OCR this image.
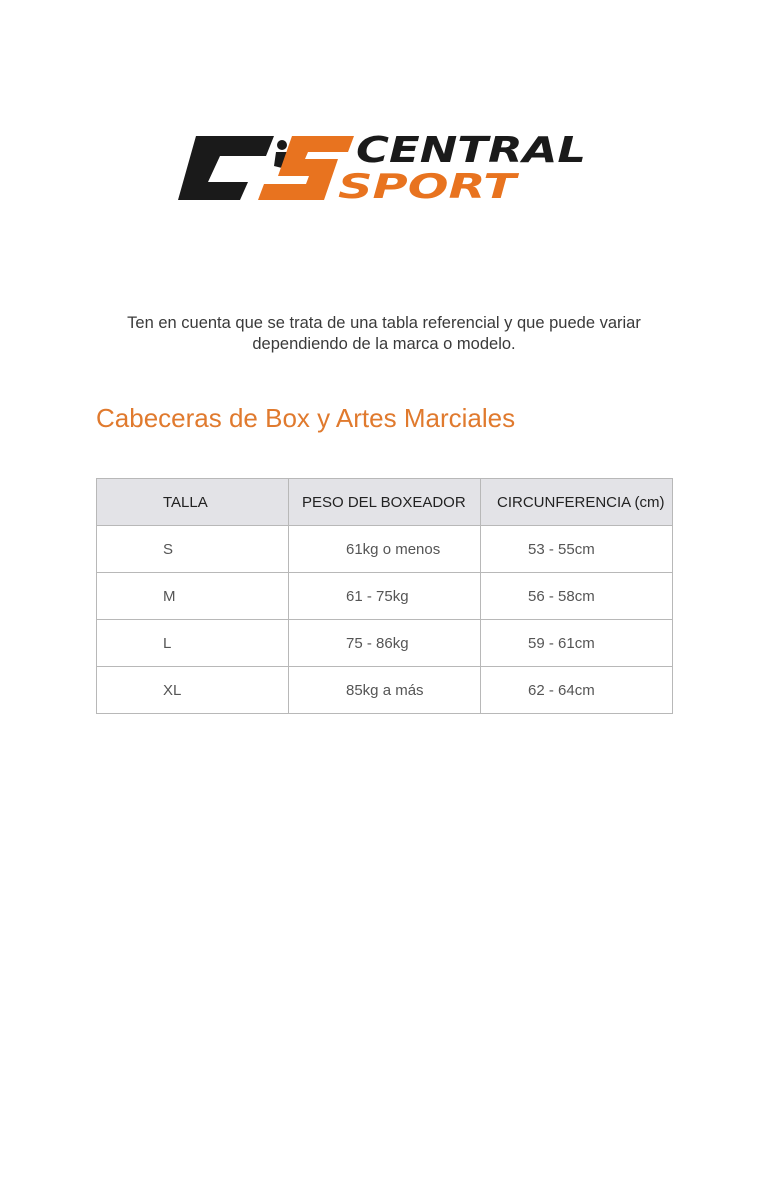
CENTRAL
SPORT
Ten en cuenta que se trata de una tabla referencial y que puede variar
dependiendo de la marca o modelo.
Cabeceras de Box y Artes Marciales
TALLA	PESO DEL BOXEADOR	CIRCUNFERENCIA (cm)
S	61kg o menos	53 - 55cm
M	61 - 75kg	56 - 58cm
L	75 - 86kg	59 - 61cm
XL	85kg a más	62 - 64cm
